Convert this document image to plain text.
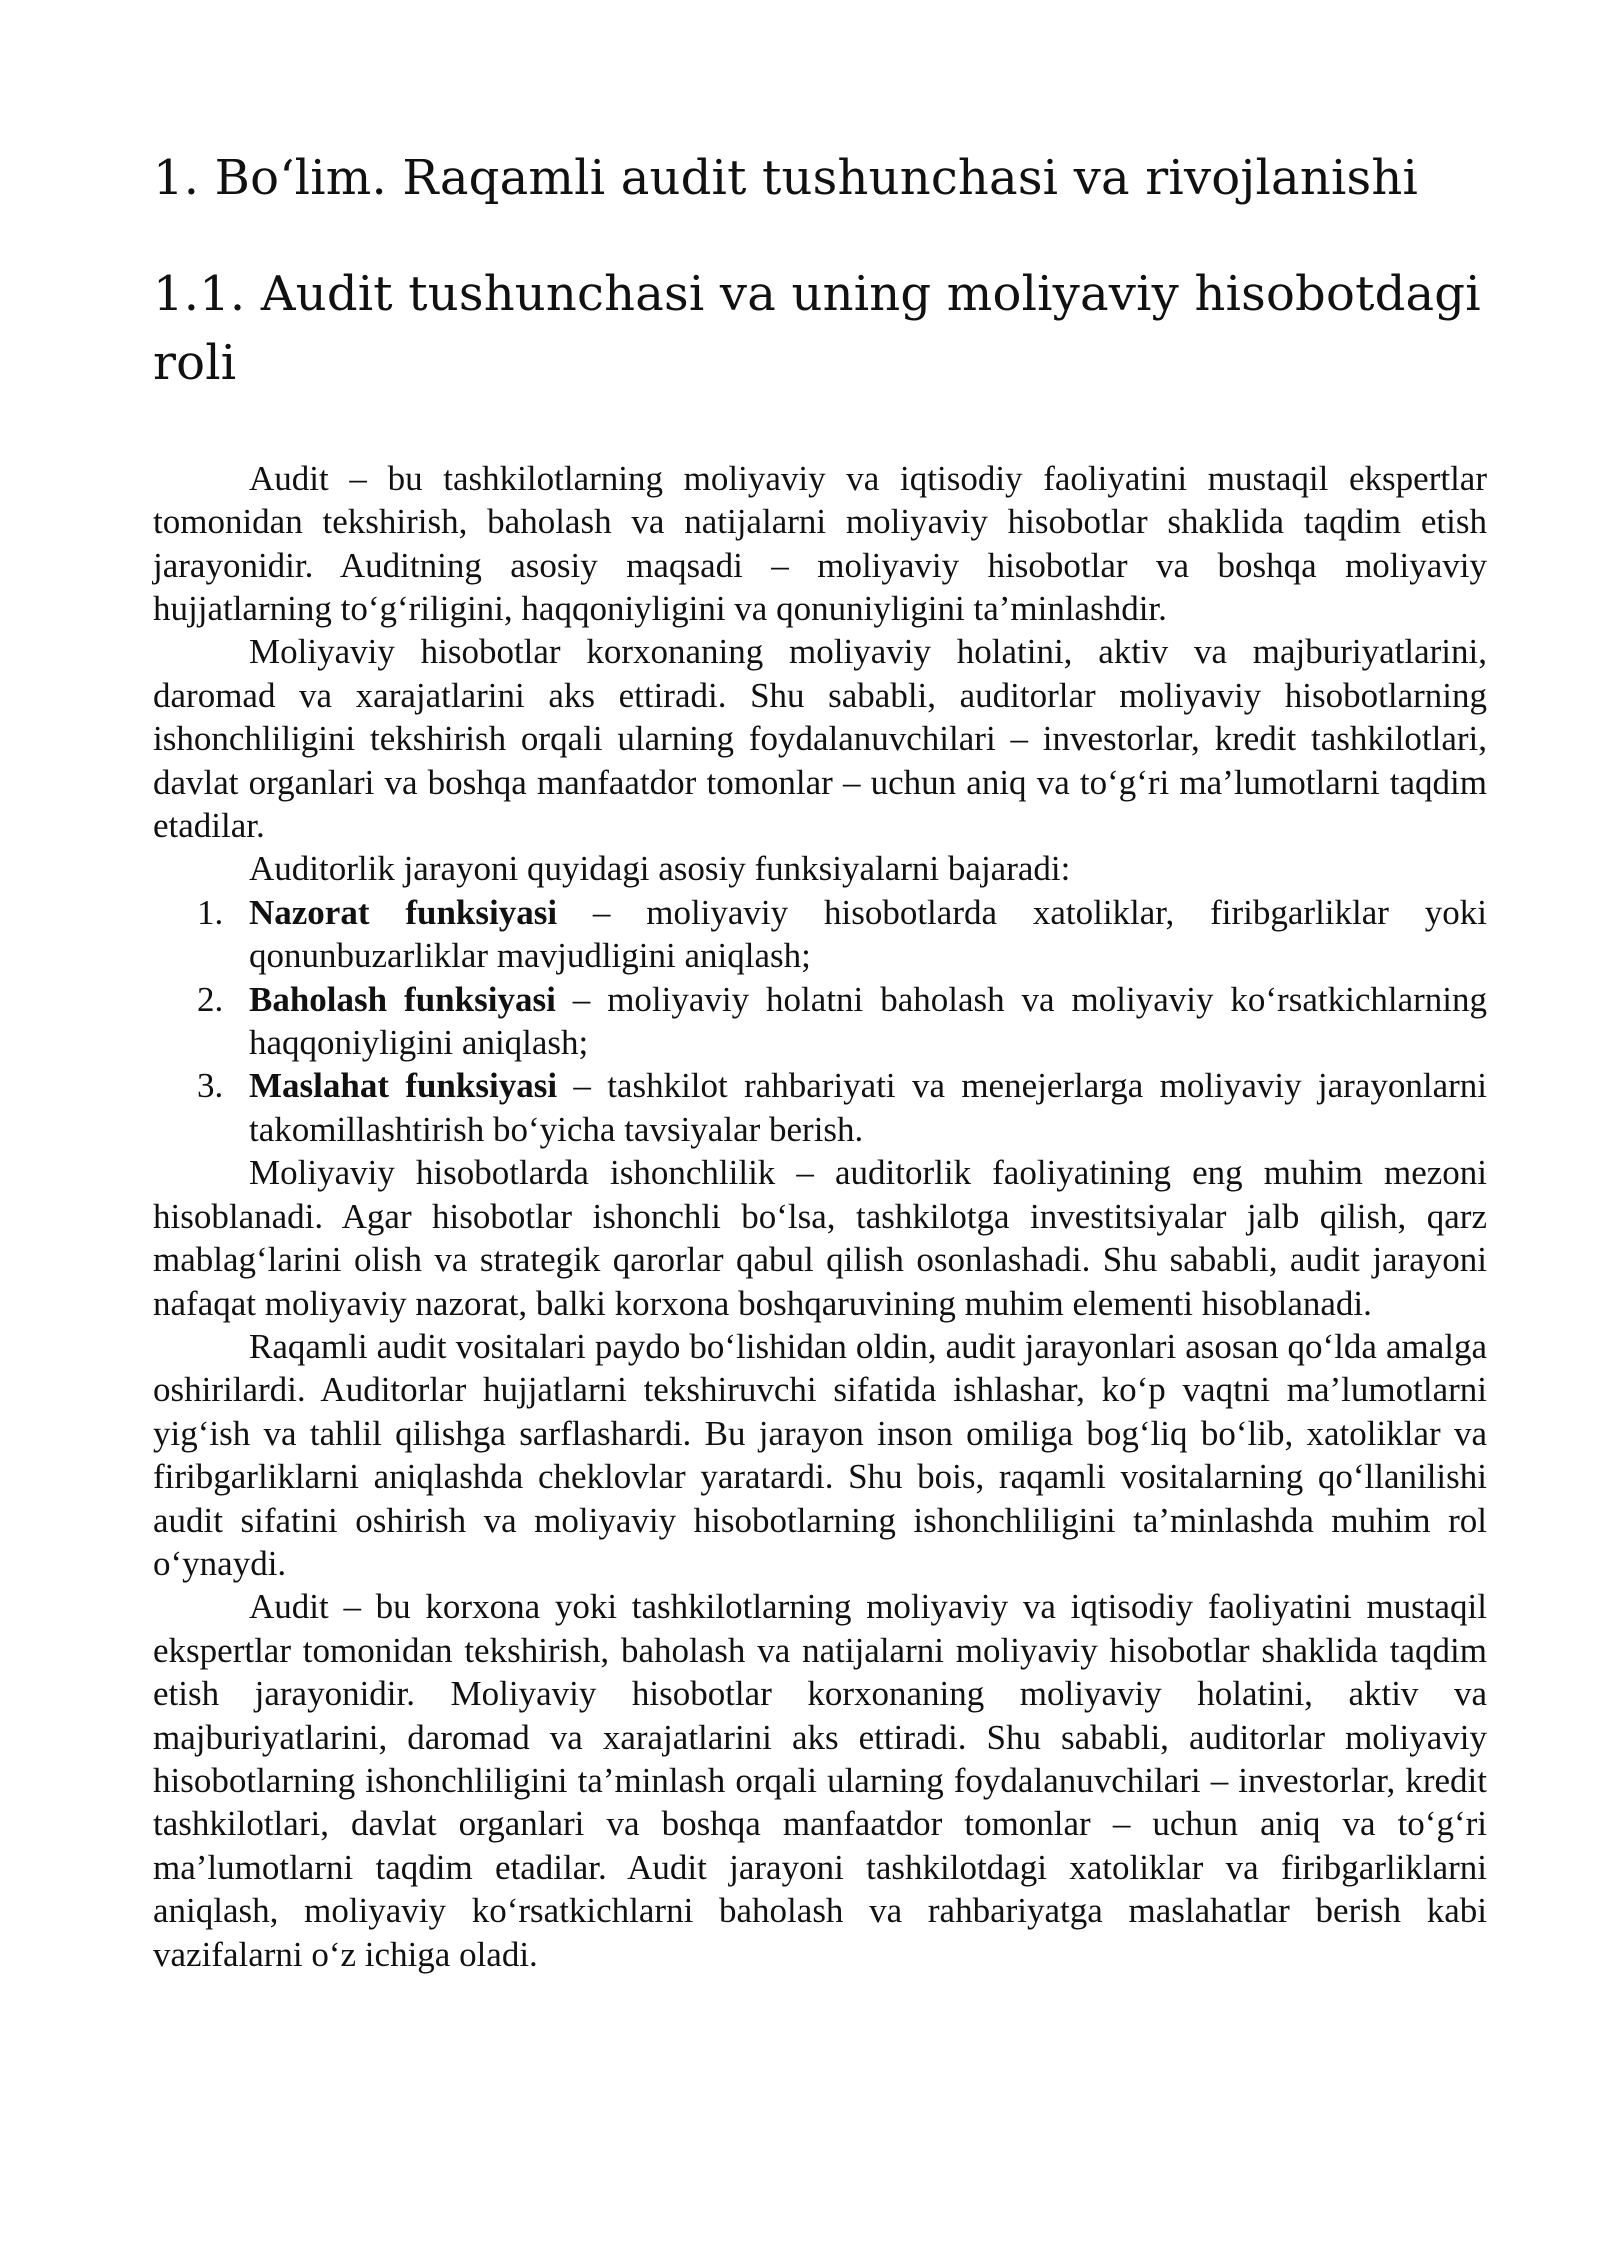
1. Bo‘lim. Raqamli audit tushunchasi va rivojlanishi
1.1. Audit tushunchasi va uning moliyaviy hisobotdagi roli

Audit – bu tashkilotlarning moliyaviy va iqtisodiy faoliyatini mustaqil ekspertlar tomonidan tekshirish, baholash va natijalarni moliyaviy hisobotlar shaklida taqdim etish jarayonidir. Auditning asosiy maqsadi – moliyaviy hisobotlar va boshqa moliyaviy hujjatlarning to‘g‘riligini, haqqoniyligini va qonuniyligini ta’minlashdir.

Moliyaviy hisobotlar korxonaning moliyaviy holatini, aktiv va majburiyatlarini, daromad va xarajatlarini aks ettiradi. Shu sababli, auditorlar moliyaviy hisobotlarning ishonchliligini tekshirish orqali ularning foydalanuvchilari – investorlar, kredit tashkilotlari, davlat organlari va boshqa manfaatdor tomonlar – uchun aniq va to‘g‘ri ma’lumotlarni taqdim etadilar.

Auditorlik jarayoni quyidagi asosiy funksiyalarni bajaradi:

1. Nazorat funksiyasi – moliyaviy hisobotlarda xatoliklar, firibgarliklar yoki qonunbuzarliklar mavjudligini aniqlash;
2. Baholash funksiyasi – moliyaviy holatni baholash va moliyaviy ko‘rsatkichlarning haqqoniyligini aniqlash;
3. Maslahat funksiyasi – tashkilot rahbariyati va menejerlarga moliyaviy jarayonlarni takomillashtirish bo‘yicha tavsiyalar berish.

Moliyaviy hisobotlarda ishonchlilik – auditorlik faoliyatining eng muhim mezoni hisoblanadi. Agar hisobotlar ishonchli bo‘lsa, tashkilotga investitsiyalar jalb qilish, qarz mablag‘larini olish va strategik qarorlar qabul qilish osonlashadi. Shu sababli, audit jarayoni nafaqat moliyaviy nazorat, balki korxona boshqaruvining muhim elementi hisoblanadi.

Raqamli audit vositalari paydo bo‘lishidan oldin, audit jarayonlari asosan qo‘lda amalga oshirilardi. Auditorlar hujjatlarni tekshiruvchi sifatida ishlashar, ko‘p vaqtni ma’lumotlarni yig‘ish va tahlil qilishga sarflashardi. Bu jarayon inson omiliga bog‘liq bo‘lib, xatoliklar va firibgarliklarni aniqlashda cheklovlar yaratardi. Shu bois, raqamli vositalarning qo‘llanilishi audit sifatini oshirish va moliyaviy hisobotlarning ishonchliligini ta’minlashda muhim rol o‘ynaydi.

Audit – bu korxona yoki tashkilotlarning moliyaviy va iqtisodiy faoliyatini mustaqil ekspertlar tomonidan tekshirish, baholash va natijalarni moliyaviy hisobotlar shaklida taqdim etish jarayonidir. Moliyaviy hisobotlar korxonaning moliyaviy holatini, aktiv va majburiyatlarini, daromad va xarajatlarini aks ettiradi. Shu sababli, auditorlar moliyaviy hisobotlarning ishonchliligini ta’minlash orqali ularning foydalanuvchilari – investorlar, kredit tashkilotlari, davlat organlari va boshqa manfaatdor tomonlar – uchun aniq va to‘g‘ri ma’lumotlarni taqdim etadilar. Audit jarayoni tashkilotdagi xatoliklar va firibgarliklarni aniqlash, moliyaviy ko‘rsatkichlarni baholash va rahbariyatga maslahatlar berish kabi vazifalarni o‘z ichiga oladi.
